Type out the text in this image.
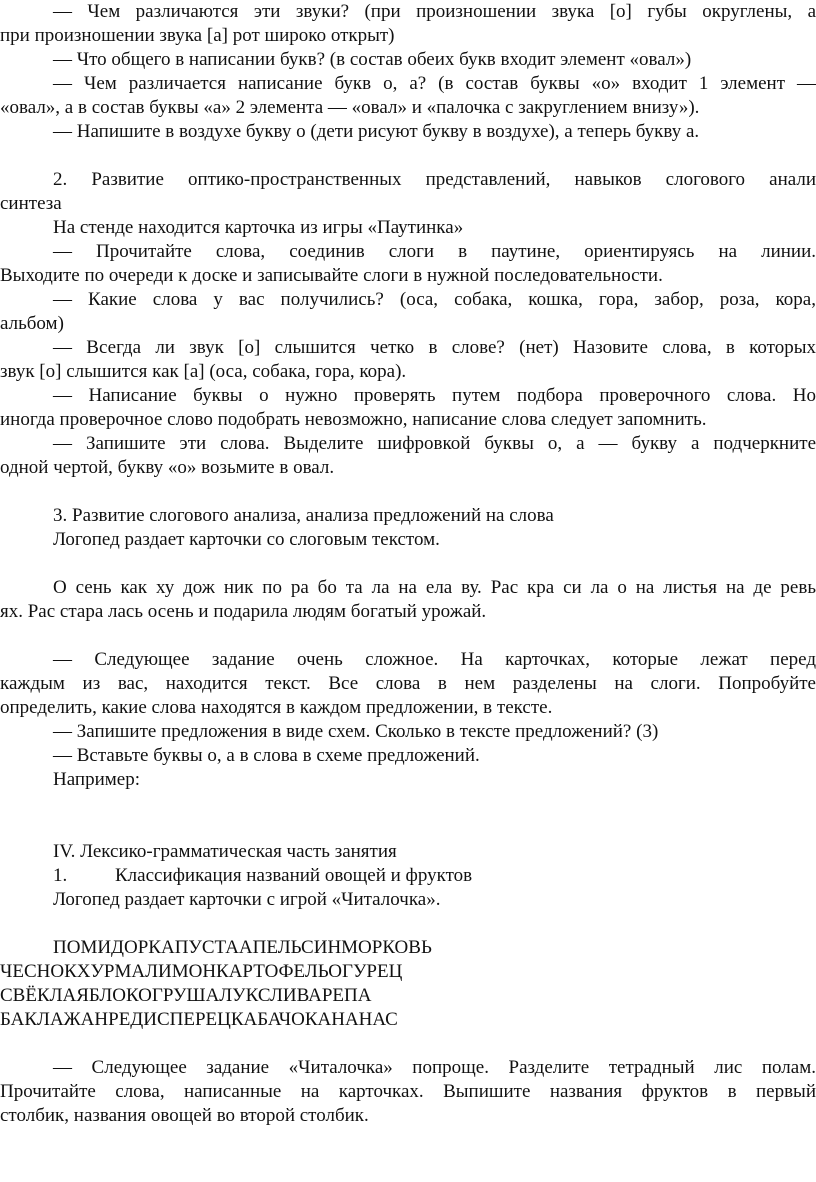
— Чем различаются эти звуки? (при произношении звука [о] губы округлены, а
при произношении звука [а] рот широко открыт)
— Что общего в написании букв? (в состав обеих букв входит элемент «овал»)
— Чем различается написание букв о, а? (в состав буквы «о» входит 1 элемент —
«овал», а в состав буквы «а» 2 элемента — «овал» и «палочка с закруглением внизу»).
— Напишите в воздухе букву о (дети рисуют букву в воздухе), а теперь букву а.
2. Развитие оптико-пространственных представлений, навыков слогового анали
синтеза
На стенде находится карточка из игры «Паутинка»
— Прочитайте слова, соединив слоги в паутине, ориентируясь на линии.
Выходите по очереди к доске и записывайте слоги в нужной последовательности.
— Какие слова у вас получились? (оса, собака, кошка, гора, забор, роза, кора,
альбом)
— Всегда ли звук [о] слышится четко в слове? (нет) Назовите слова, в которых
звук [о] слышится как [а] (оса, собака, гора, кора).
— Написание буквы о нужно проверять путем подбора проверочного слова. Но
иногда проверочное слово подобрать невозможно, написание слова следует запомнить.
— Запишите эти слова. Выделите шифровкой буквы о, а — букву а подчеркните
одной чертой, букву «о» возьмите в овал.
3. Развитие слогового анализа, анализа предложений на слова
Логопед раздает карточки со слоговым текстом.
О сень как ху дож ник по ра бо та ла на ела ву. Рас кра си ла о на листья на де ревь
ях. Рас стара лась осень и подарила людям богатый урожай.
— Следующее задание очень сложное. На карточках, которые лежат перед
каждым из вас, находится текст. Все слова в нем разделены на слоги. Попробуйте
определить, какие слова находятся в каждом предложении, в тексте.
— Запишите предложения в виде схем. Сколько в тексте предложений? (3)
— Вставьте буквы о, а в слова в схеме предложений.
Например:
IV. Лексико-грамматическая часть занятия
1.	Классификация названий овощей и фруктов
Логопед раздает карточки с игрой «Читалочка».
ПОМИДОРКАПУСТААПЕЛЬСИНМОРКОВЬ
ЧЕСНОКХУРМАЛИМОНКАРТОФЕЛЬОГУРЕЦ
СВЁКЛАЯБЛОКОГРУШАЛУКСЛИВАРЕПА
БАКЛАЖАНРЕДИСПЕРЕЦКАБАЧОКАНАНАС
— Следующее задание «Читалочка» попроще. Разделите тетрадный лис полам.
Прочитайте слова, написанные на карточках. Выпишите названия фруктов в первый
столбик, названия овощей во второй столбик.
